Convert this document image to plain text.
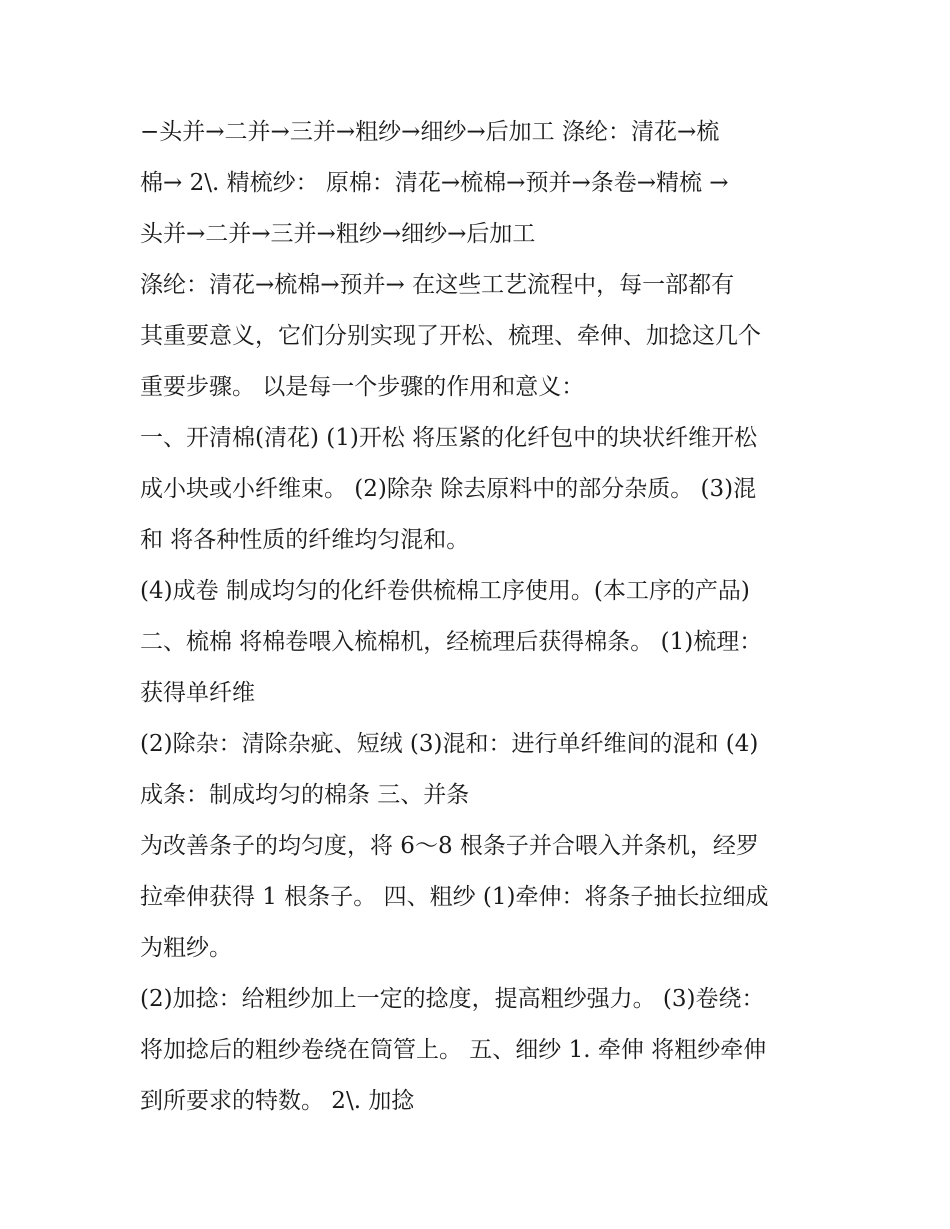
−头并→二并→三并→粗纱→细纱→后加工 涤纶：清花→梳
棉→ 2\. 精梳纱： 原棉：清花→梳棉→预并→条卷→精梳 →
头并→二并→三并→粗纱→细纱→后加工
涤纶：清花→梳棉→预并→ 在这些工艺流程中，每一部都有
其重要意义，它们分别实现了开松、梳理、牵伸、加捻这几个
重要步骤。 以是每一个步骤的作用和意义：
一、开清棉(清花) (1)开松 将压紧的化纤包中的块状纤维开松
成小块或小纤维束。 (2)除杂 除去原料中的部分杂质。 (3)混
和 将各种性质的纤维均匀混和。
(4)成卷 制成均匀的化纤卷供梳棉工序使用。(本工序的产品)
二、梳棉 将棉卷喂入梳棉机，经梳理后获得棉条。 (1)梳理：
获得单纤维
(2)除杂：清除杂疵、短绒 (3)混和：进行单纤维间的混和 (4)
成条：制成均匀的棉条 三、并条
为改善条子的均匀度，将 6～8 根条子并合喂入并条机，经罗
拉牵伸获得 1 根条子。 四、粗纱 (1)牵伸：将条子抽长拉细成
为粗纱。
(2)加捻：给粗纱加上一定的捻度，提高粗纱强力。 (3)卷绕：
将加捻后的粗纱卷绕在筒管上。 五、细纱 1. 牵伸 将粗纱牵伸
到所要求的特数。 2\. 加捻
